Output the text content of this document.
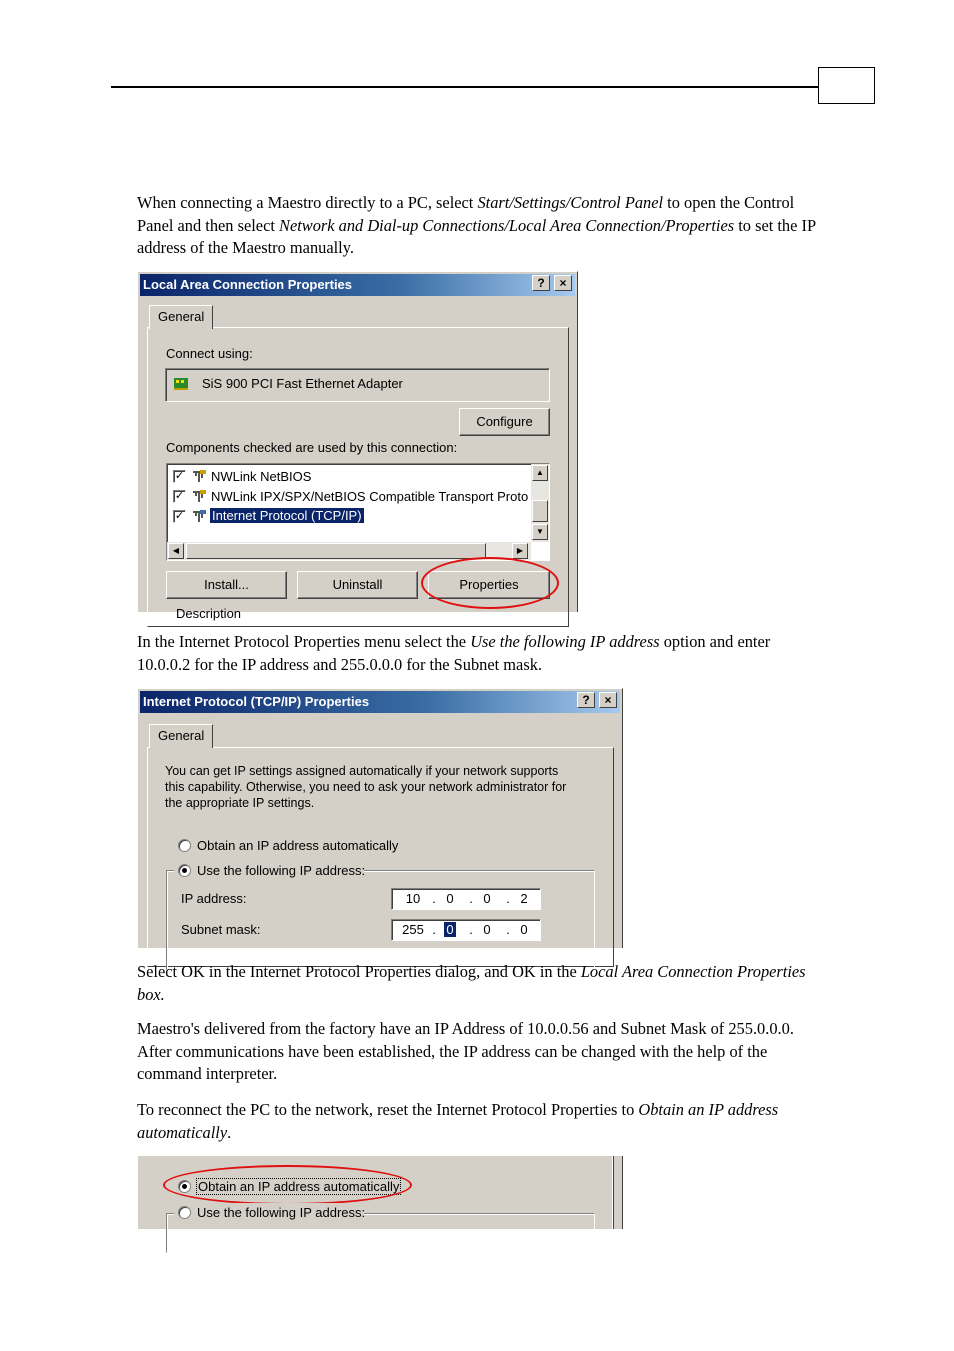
When connecting a Maestro directly to a PC, select Start/Settings/Control Panel to open the Control Panel and then select Network and Dial-up Connections/Local Area Connection/Properties to set the IP address of the Maestro manually.

Local Area Connection Properties	?	×
General
Connect using:
SiS 900 PCI Fast Ethernet Adapter
Configure
Components checked are used by this connection:
✓ NWLink NetBIOS
✓ NWLink IPX/SPX/NetBIOS Compatible Transport Proto
✓ Internet Protocol (TCP/IP)
▲
▼
◀	▶
Install...	Uninstall	Properties
Description

In the Internet Protocol Properties menu select the Use the following IP address option and enter 10.0.0.2 for the IP address and 255.0.0.0 for the Subnet mask.

Internet Protocol (TCP/IP) Properties	?	×
General
You can get IP settings assigned automatically if your network supports
this capability. Otherwise, you need to ask your network administrator for
the appropriate IP settings.
Obtain an IP address automatically
Use the following IP address:
IP address:	10 . 0	. 0	. 2
Subnet mask:	255 . 0	. 0	. 0

Select OK in the Internet Protocol Properties dialog, and OK in the Local Area Connection Properties box.

Maestro's delivered from the factory have an IP Address of 10.0.0.56 and Subnet Mask of 255.0.0.0. After communications have been established, the IP address can be changed with the help of the command interpreter.

To reconnect the PC to the network, reset the Internet Protocol Properties to Obtain an IP address automatically.

Obtain an IP address automatically
Use the following IP address:
